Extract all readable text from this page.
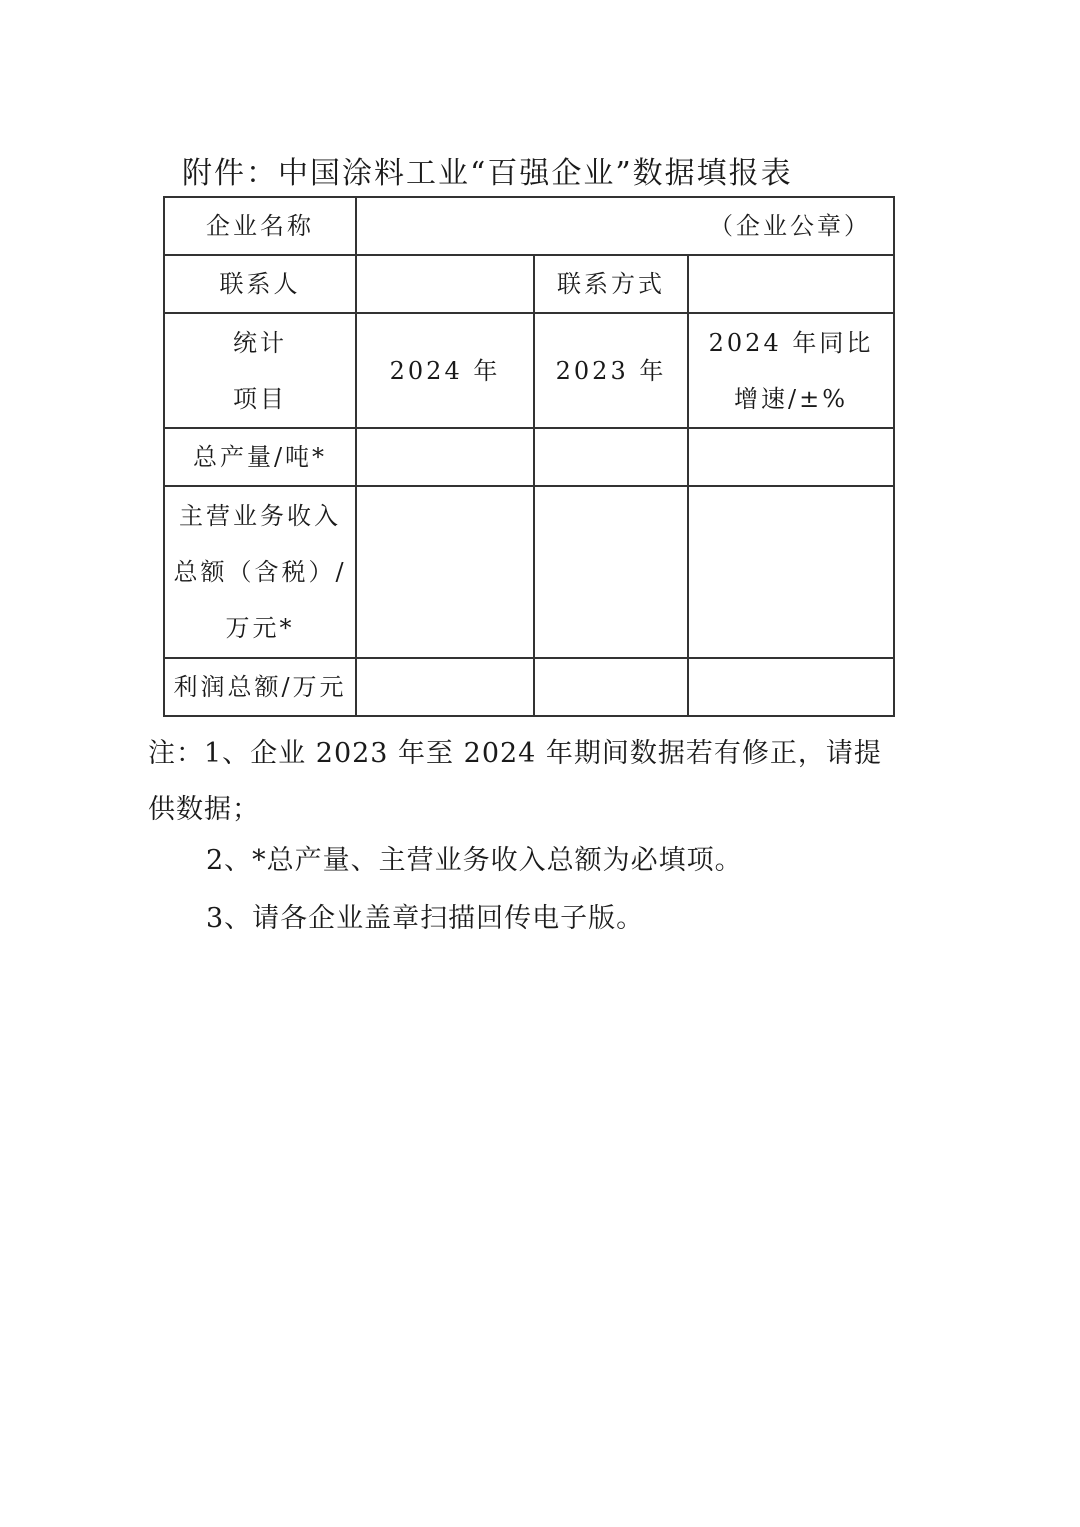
附件：中国涂料工业“百强企业”数据填报表
企业名称	（企业公章）		
联系人		联系方式	

统计
项目	2024 年	2023 年	2024 年同比
增速/±%

总产量/吨*			

主营业务收入
总额（含税）/
万元*			

利润总额/万元			
注：1、企业 2023 年至 2024 年期间数据若有修正，请提供数据；
2、*总产量、主营业务收入总额为必填项。
3、请各企业盖章扫描回传电子版。
